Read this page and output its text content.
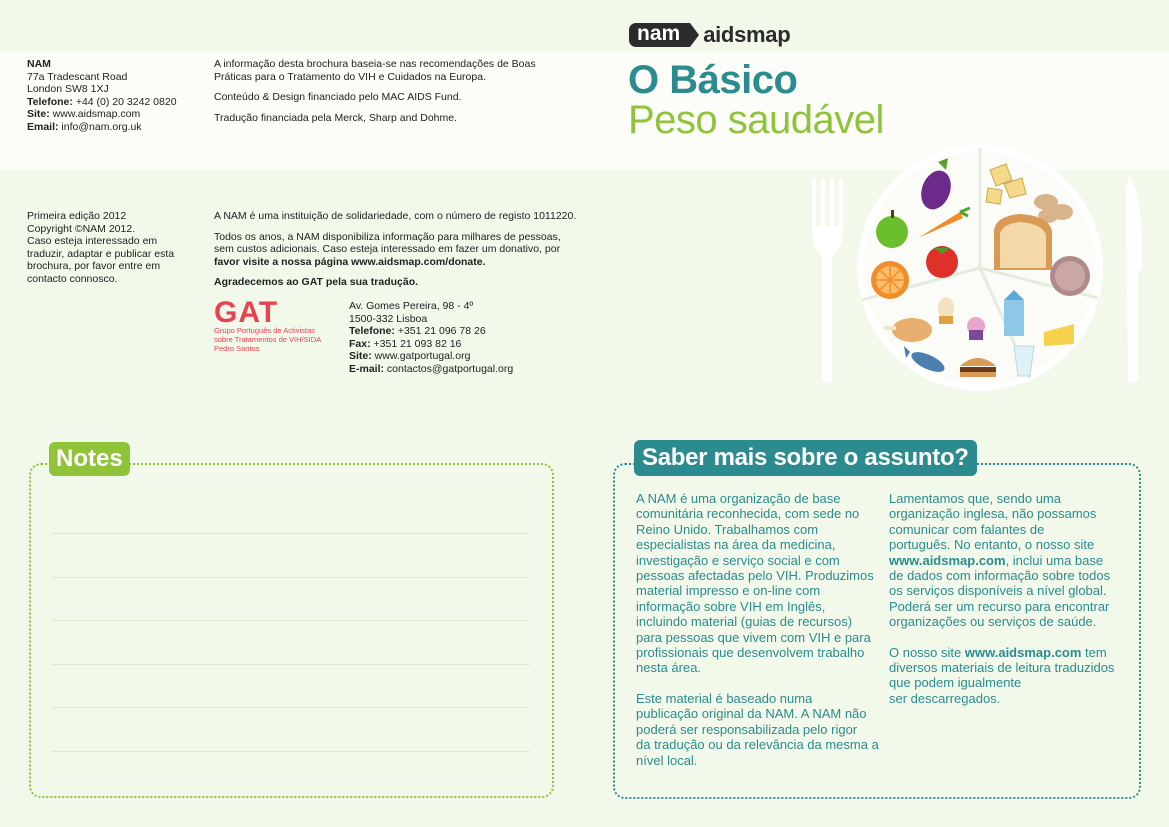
nam	aidsmap
O Básico
Peso saudável
NAM
77a Tradescant Road
London SW8 1XJ
Telefone: +44 (0) 20 3242 0820
Site: www.aidsmap.com
Email: info@nam.org.uk
A informação desta brochura baseia-se nas recomendações de Boas
Práticas para o Tratamento do VIH e Cuidados na Europa.
Conteúdo & Design financiado pelo MAC AIDS Fund.
Tradução financiada pela Merck, Sharp and Dohme.
Primeira edição 2012
Copyright ©NAM 2012.
Caso esteja interessado em
traduzir, adaptar e publicar esta
brochura, por favor entre em
contacto connosco.
A NAM é uma instituição de solidariedade, com o número de registo 1011220.
Todos os anos, a NAM disponibiliza informação para milhares de pessoas,
sem custos adicionais. Caso esteja interessado em fazer um donativo, por
favor visite a nossa página www.aidsmap.com/donate.
Agradecemos ao GAT pela sua tradução.
GAT
Grupo Português de Activistas
sobre Tratamentos de VIH/SIDA
Pedro Santos
Av. Gomes Pereira, 98 - 4º
1500-332 Lisboa
Telefone: +351 21 096 78 26
Fax: +351 21 093 82 16
Site: www.gatportugal.org
E-mail: contactos@gatportugal.org
Notes	Saber mais sobre o assunto?
A NAM é uma organização de base
comunitária reconhecida, com sede no
Reino Unido. Trabalhamos com
especialistas na área da medicina,
investigação e serviço social e com
pessoas afectadas pelo VIH. Produzimos
material impresso e on-line com
informação sobre VIH em Inglês,
incluindo material (guias de recursos)
para pessoas que vivem com VIH e para
profissionais que desenvolvem trabalho
nesta área.
Este material é baseado numa
publicação original da NAM. A NAM não
poderá ser responsabilizada pelo rigor
da tradução ou da relevância da mesma a
nível local.
Lamentamos que, sendo uma
organização inglesa, não possamos
comunicar com falantes de
português. No entanto, o nosso site
www.aidsmap.com, inclui uma base
de dados com informação sobre todos
os serviços disponíveis a nível global.
Poderá ser um recurso para encontrar
organizações ou serviços de saúde.
O nosso site www.aidsmap.com tem
diversos materiais de leitura traduzidos
que podem igualmente
ser descarregados.
